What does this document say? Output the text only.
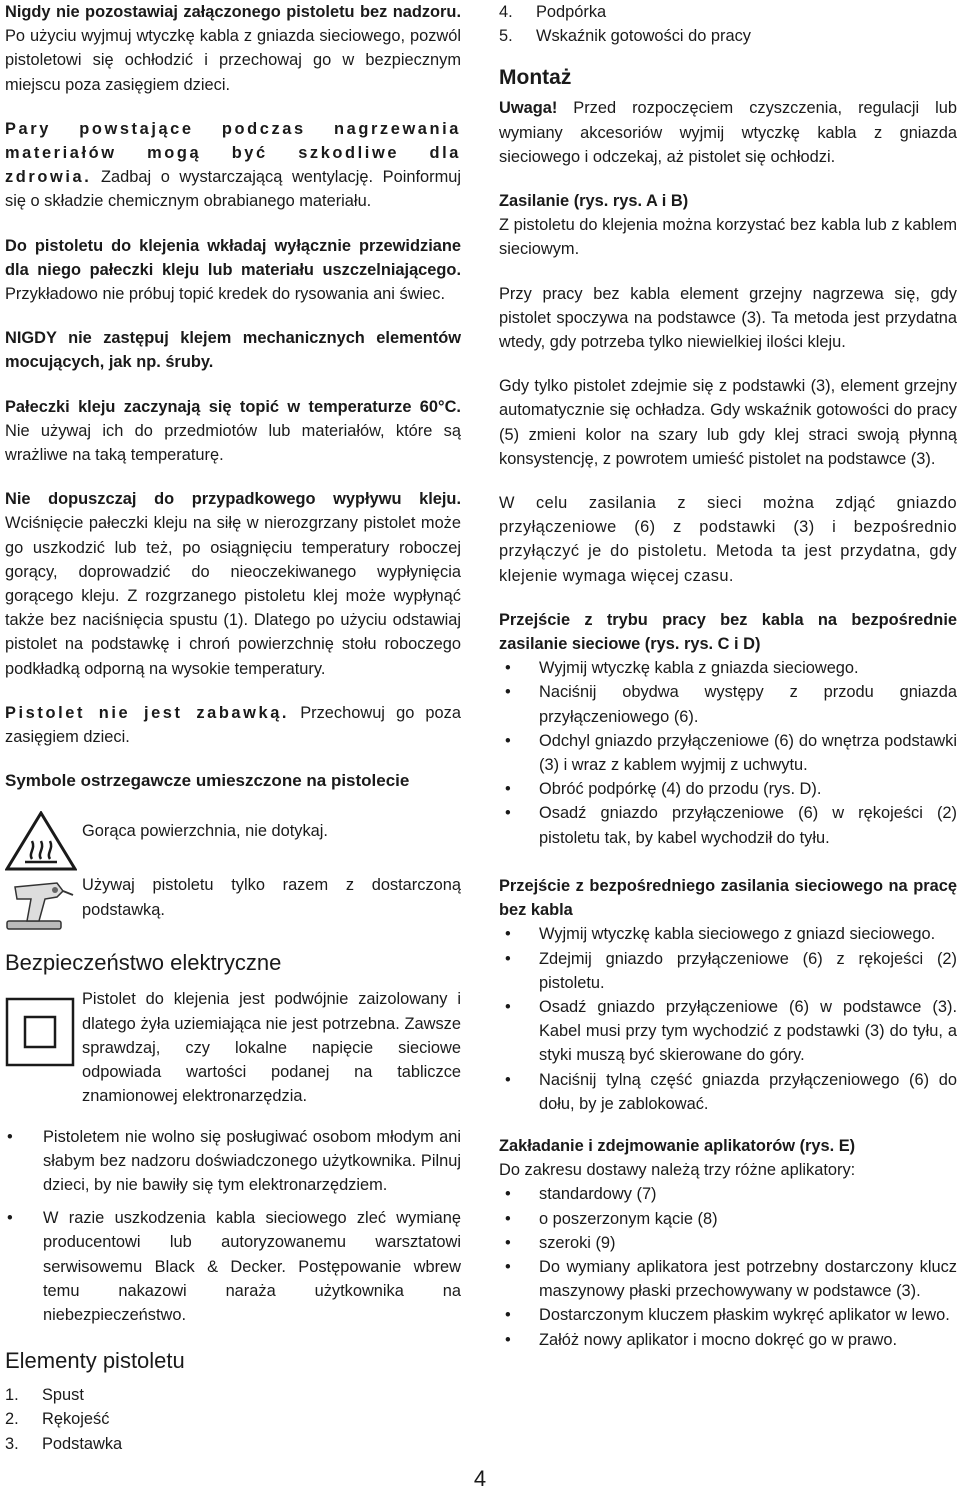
Nigdy nie pozostawiaj załączonego pistoletu bez nadzoru. Po użyciu wyjmuj wtyczkę kabla z gniazda sieciowego, pozwól pistoletowi się ochłodzić i przechowaj go w bezpiecznym miejscu poza zasięgiem dzieci.

Pary powstające podczas nagrzewania materiałów mogą być szkodliwe dla zdrowia. Zadbaj o wystarczającą wentylację. Poinformuj się o składzie chemicznym obrabianego materiału.

Do pistoletu do klejenia wkładaj wyłącznie przewidziane dla niego pałeczki kleju lub materiału uszczelniającego. Przykładowo nie próbuj topić kredek do rysowania ani świec.

NIGDY nie zastępuj klejem mechanicznych elementów mocujących, jak np. śruby.

Pałeczki kleju zaczynają się topić w temperaturze 60°C. Nie używaj ich do przedmiotów lub materiałów, które są wrażliwe na taką temperaturę.

Nie dopuszczaj do przypadkowego wypływu kleju. Wciśnięcie pałeczki kleju na siłę w nierozgrzany pistolet może go uszkodzić lub też, po osiągnięciu temperatury roboczej gorący, doprowadzić do nieoczekiwanego wypłynięcia gorącego kleju. Z rozgrzanego pistoletu klej może wypłynąć także bez naciśnięcia spustu (1). Dlatego po użyciu odstawiaj pistolet na podstawkę i chroń powierzchnię stołu roboczego podkładką odporną na wysokie temperatury.

Pistolet nie jest zabawką. Przechowuj go poza zasięgiem dzieci.

Symbole ostrzegawcze umieszczone na pistolecie

Gorąca powierzchnia, nie dotykaj.

Używaj pistoletu tylko razem z dostarczoną podstawką.

Bezpieczeństwo elektryczne

Pistolet do klejenia jest podwójnie zaizolowany i dlatego żyła uziemiająca nie jest potrzebna. Zawsze sprawdzaj, czy lokalne napięcie sieciowe odpowiada wartości podanej na tabliczce znamionowej elektronarzędzia.

• Pistoletem nie wolno się posługiwać osobom młodym ani słabym bez nadzoru doświadczonego użytkownika. Pilnuj dzieci, by nie bawiły się tym elektronarzędziem.
• W razie uszkodzenia kabla sieciowego zleć wymianę producentowi lub autoryzowanemu warsztatowi serwisowemu Black & Decker. Postępowanie wbrew temu nakazowi naraża użytkownika na niebezpieczeństwo.
Elementy pistoletu
1. Spust
2. Rękojeść
3. Podstawka
4. Podpórka
5. Wskaźnik gotowości do pracy
Montaż

Uwaga! Przed rozpoczęciem czyszczenia, regulacji lub wymiany akcesoriów wyjmij wtyczkę kabla z gniazda sieciowego i odczekaj, aż pistolet się ochłodzi.

Zasilanie (rys. rys. A i B)
Z pistoletu do klejenia można korzystać bez kabla lub z kablem sieciowym.

Przy pracy bez kabla element grzejny nagrzewa się, gdy pistolet spoczywa na podstawce (3). Ta metoda jest przydatna wtedy, gdy potrzeba tylko niewielkiej ilości kleju.

Gdy tylko pistolet zdejmie się z podstawki (3), element grzejny automatycznie się ochładza. Gdy wskaźnik gotowości do pracy (5) zmieni kolor na szary lub gdy klej straci swoją płynną konsystencję, z powrotem umieść pistolet na podstawce (3).

W celu zasilania z sieci można zdjąć gniazdo przyłączeniowe (6) z podstawki (3) i bezpośrednio przyłączyć je do pistoletu. Metoda ta jest przydatna, gdy klejenie wymaga więcej czasu.

Przejście z trybu pracy bez kabla na bezpośrednie zasilanie sieciowe (rys. rys. C i D)

• Wyjmij wtyczkę kabla z gniazda sieciowego.
• Naciśnij obydwa występy z przodu gniazda przyłączeniowego (6).
• Odchyl gniazdo przyłączeniowe (6) do wnętrza podstawki (3) i wraz z kablem wyjmij z uchwytu.
• Obróć podpórkę (4) do przodu (rys. D).
• Osadź gniazdo przyłączeniowe (6) w rękojeści (2) pistoletu tak, by kabel wychodził do tyłu.

Przejście z bezpośredniego zasilania sieciowego na pracę bez kabla

• Wyjmij wtyczkę kabla sieciowego z gniazd sieciowego.
• Zdejmij gniazdo przyłączeniowe (6) z rękojeści (2) pistoletu.
• Osadź gniazdo przyłączeniowe (6) w podstawce (3). Kabel musi przy tym wychodzić z podstawki (3) do tyłu, a styki muszą być skierowane do góry.
• Naciśnij tylną część gniazda przyłączeniowego (6) do dołu, by je zablokować.

Zakładanie i zdejmowanie aplikatorów (rys. E)
Do zakresu dostawy należą trzy różne aplikatory:

• standardowy (7)
• o poszerzonym kącie (8)
• szeroki (9)
• Do wymiany aplikatora jest potrzebny dostarczony klucz maszynowy płaski przechowywany w podstawce (3).
• Dostarczonym kluczem płaskim wykręć aplikator w lewo.
• Załóż nowy aplikator i mocno dokręć go w prawo.
4
